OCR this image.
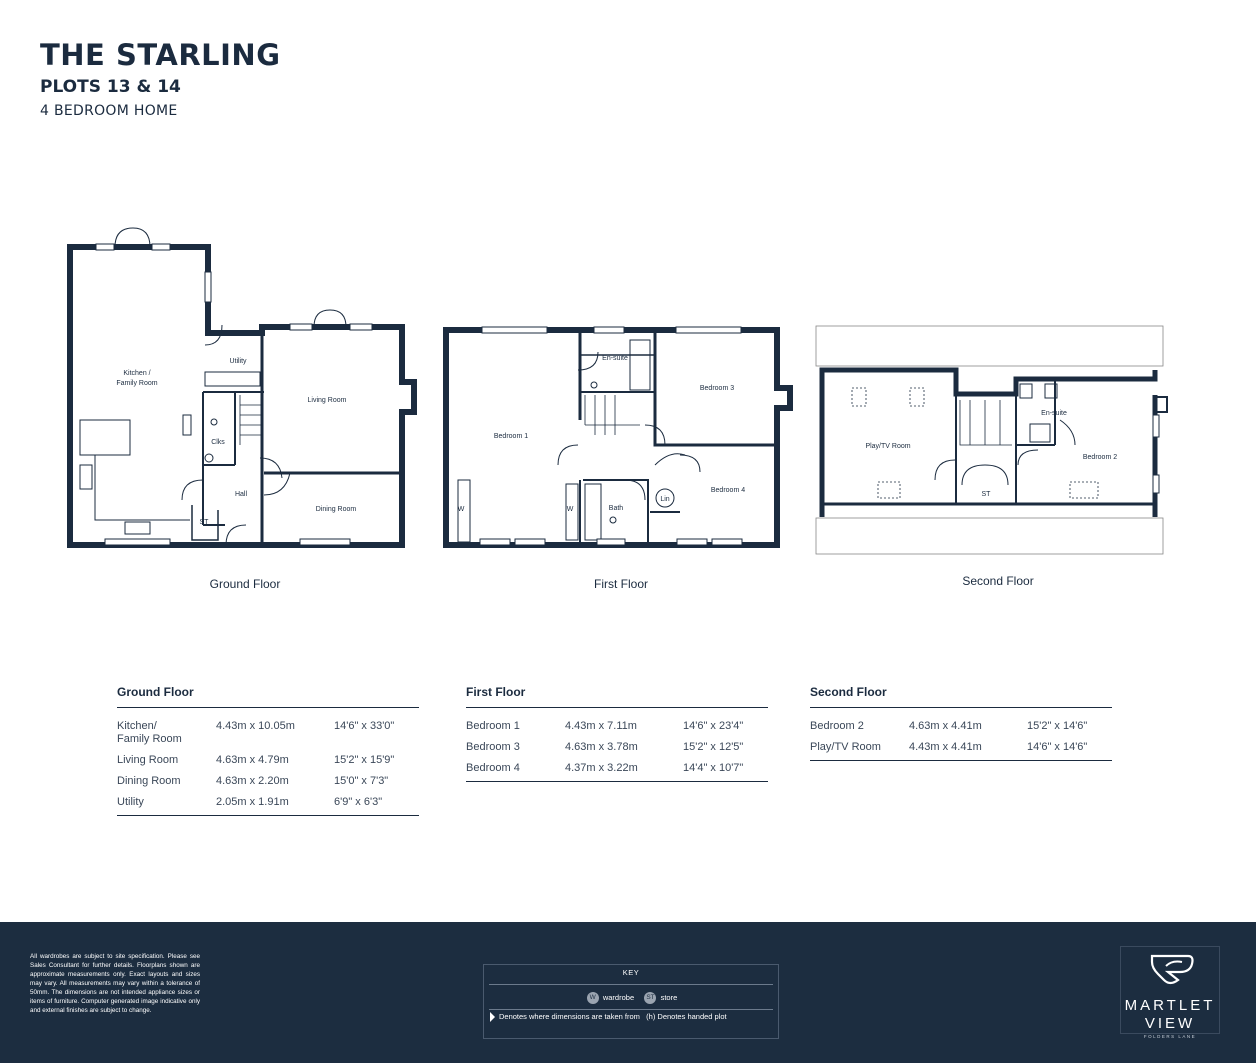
THE STARLING
PLOTS 13 & 14
4 BEDROOM HOME
Kitchen /
Family Room
Utility
Living Room
Clks
Hall
Dining Room
ST
En-suite
Bedroom 3
Bedroom 1
Bedroom 4
Lin
W	W	Bath
Play/TV Room
En-suite
Bedroom 2
ST
Ground Floor	First Floor	Second Floor
Ground Floor
Kitchen/
Family Room	4.43m x 10.05m	14'6" x 33'0"
Living Room	4.63m x 4.79m	15'2" x 15'9"
Dining Room	4.63m x 2.20m	15'0" x 7'3"
Utility	2.05m x 1.91m	6'9" x 6'3"
First Floor
Bedroom 1	4.43m x 7.11m	14'6" x 23'4"
Bedroom 3	4.63m x 3.78m	15'2" x 12'5"
Bedroom 4	4.37m x 3.22m	14'4" x 10'7"
Second Floor
Bedroom 2	4.63m x 4.41m	15'2" x 14'6"
Play/TV Room	4.43m x 4.41m	14'6" x 14'6"
All wardrobes are subject to site specification. Please see Sales Consultant for further details. Floorplans shown are approximate measurements only. Exact layouts and sizes may vary. All measurements may vary within a tolerance of 50mm. The dimensions are not intended appliance sizes or items of furniture. Computer generated image indicative only and external finishes are subject to change.
KEY
W wardrobe ST store
Denotes where dimensions are taken from (h) Denotes handed plot
MARTLET
VIEW
FOLDERS LANE
